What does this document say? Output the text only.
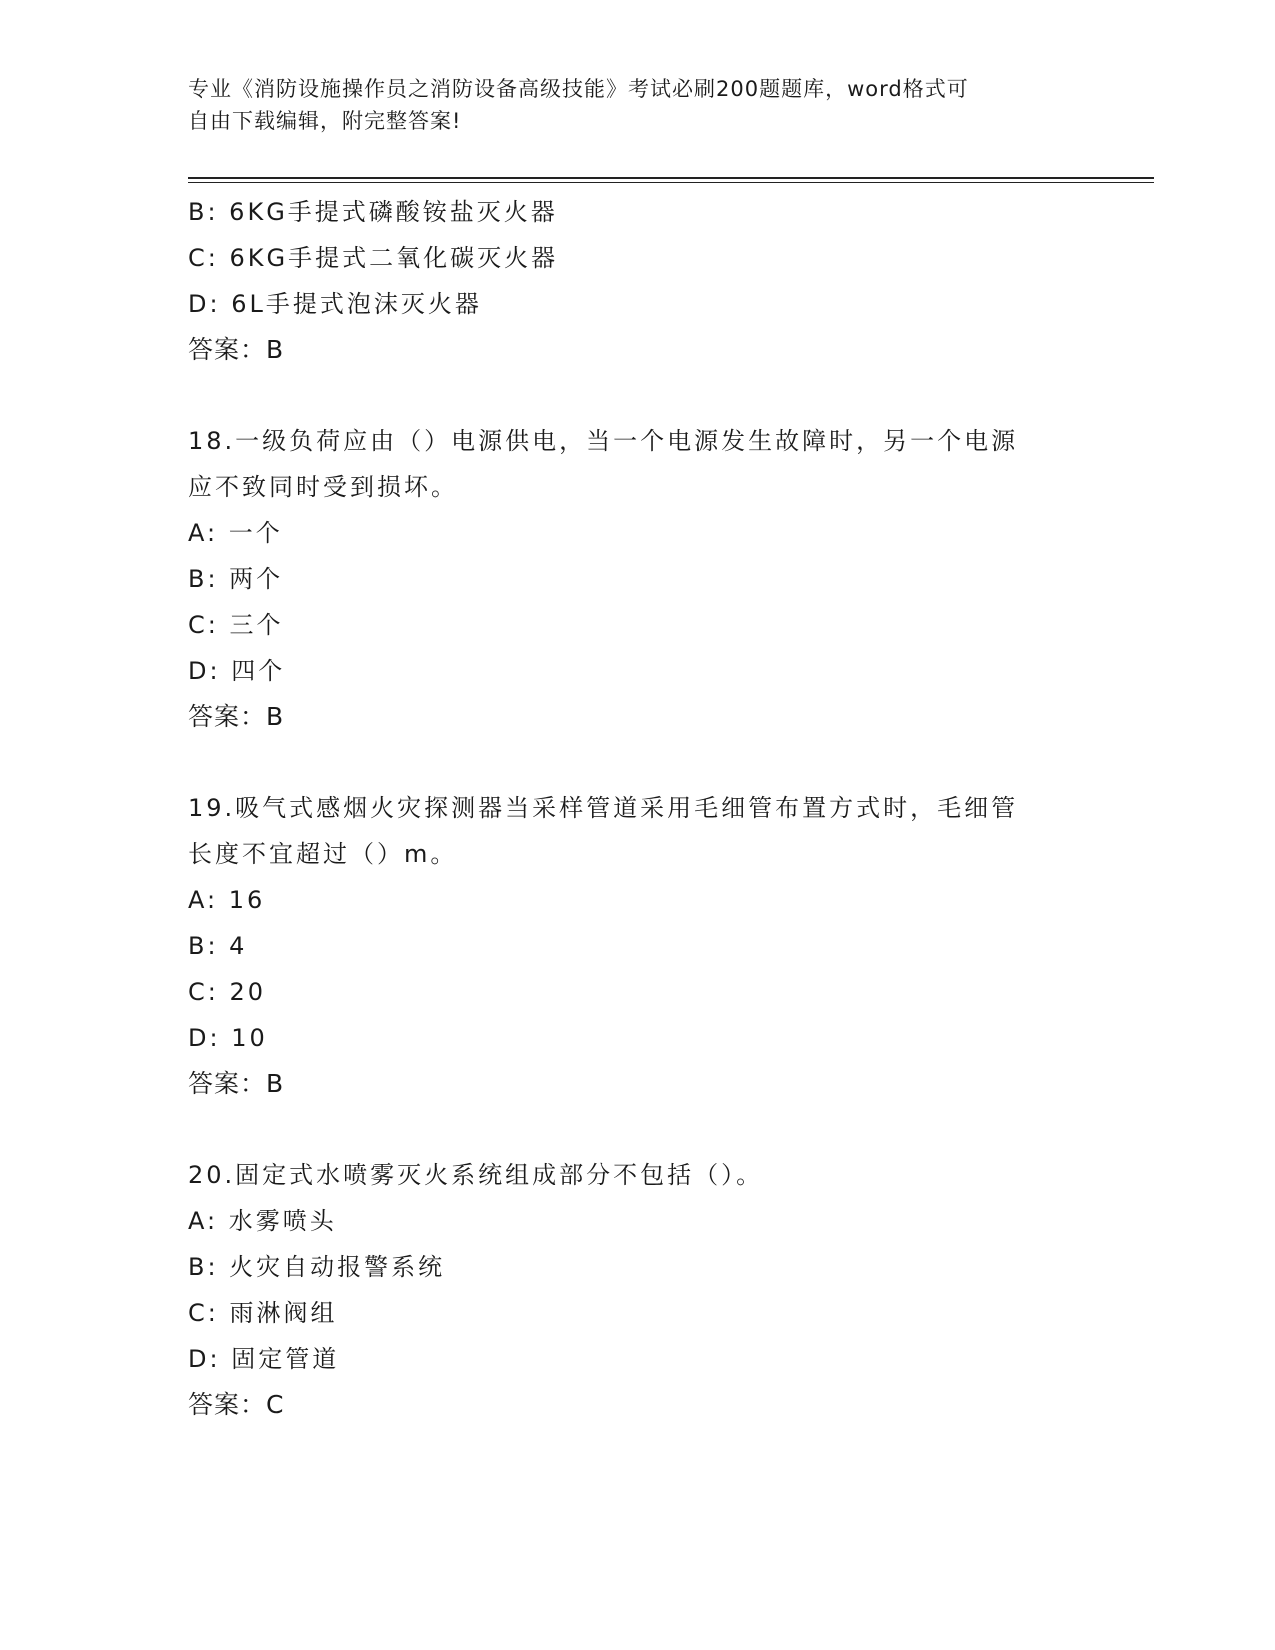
专业《消防设施操作员之消防设备高级技能》考试必刷200题题库，word格式可
自由下载编辑，附完整答案!
B: 6KG手提式磷酸铵盐灭火器
C: 6KG手提式二氧化碳灭火器
D: 6L手提式泡沫灭火器
答案：B
18.一级负荷应由（）电源供电，当一个电源发生故障时，另一个电源
应不致同时受到损坏。
A: 一个
B: 两个
C: 三个
D: 四个
答案：B
19.吸气式感烟火灾探测器当采样管道采用毛细管布置方式时，毛细管
长度不宜超过（）m。
A: 16
B: 4
C: 20
D: 10
答案：B
20.固定式水喷雾灭火系统组成部分不包括（）。
A: 水雾喷头
B: 火灾自动报警系统
C: 雨淋阀组
D: 固定管道
答案：C
